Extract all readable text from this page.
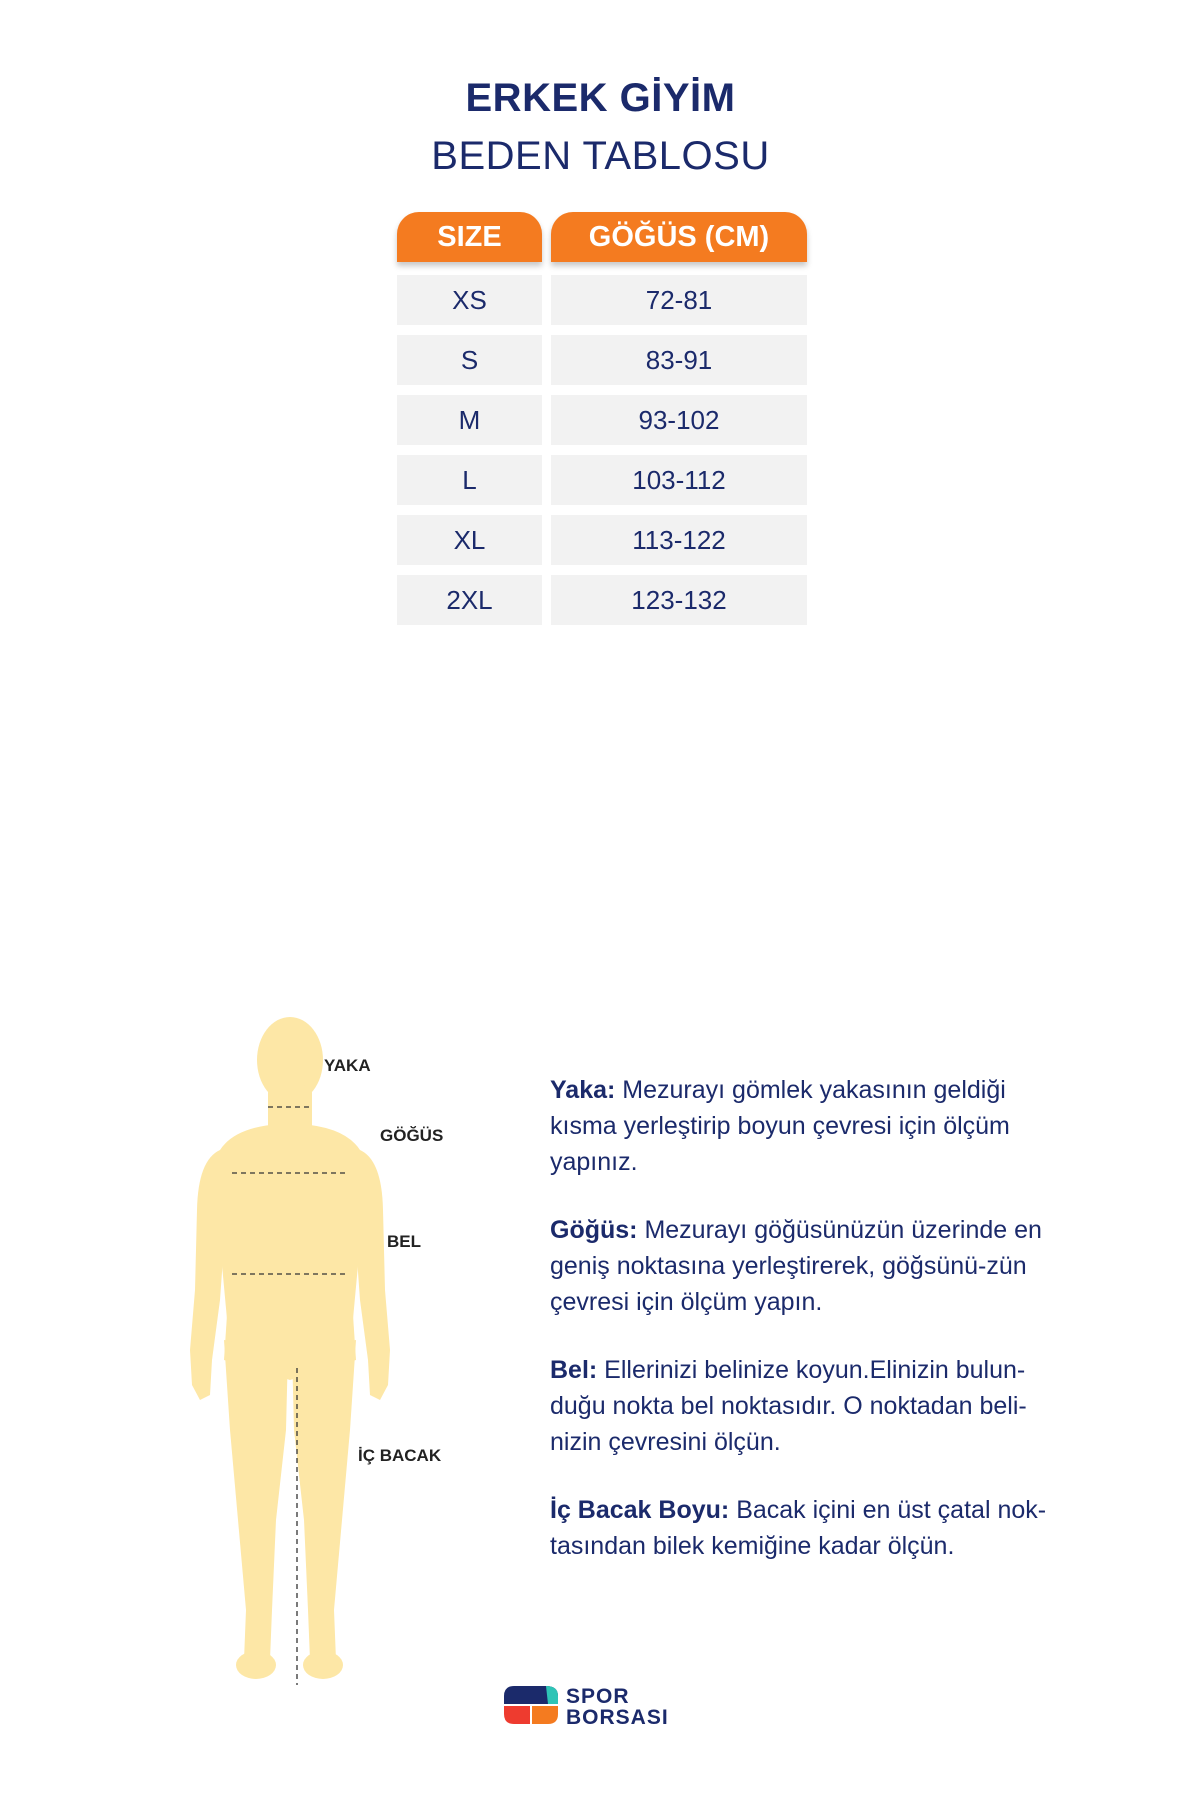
ERKEK GİYİM
BEDEN TABLOSU
SIZE	GÖĞÜS (CM)
XS	72-81
S	83-91
M	93-102
L	103-112
XL	113-122
2XL	123-132
YAKA
GÖĞÜS
BEL
İÇ BACAK
Yaka: Mezurayı gömlek yakasının geldiği kısma yerleştirip boyun çevresi için ölçüm yapınız.
Göğüs: Mezurayı göğüsünüzün üzerinde en geniş noktasına yerleştirerek, göğsünü-zün çevresi için ölçüm yapın.
Bel: Ellerinizi belinize koyun.Elinizin bulun-duğu nokta bel noktasıdır. O noktadan beli-nizin çevresini ölçün.
İç Bacak Boyu: Bacak içini en üst çatal nok-tasından bilek kemiğine kadar ölçün.
SPOR
BORSASI
